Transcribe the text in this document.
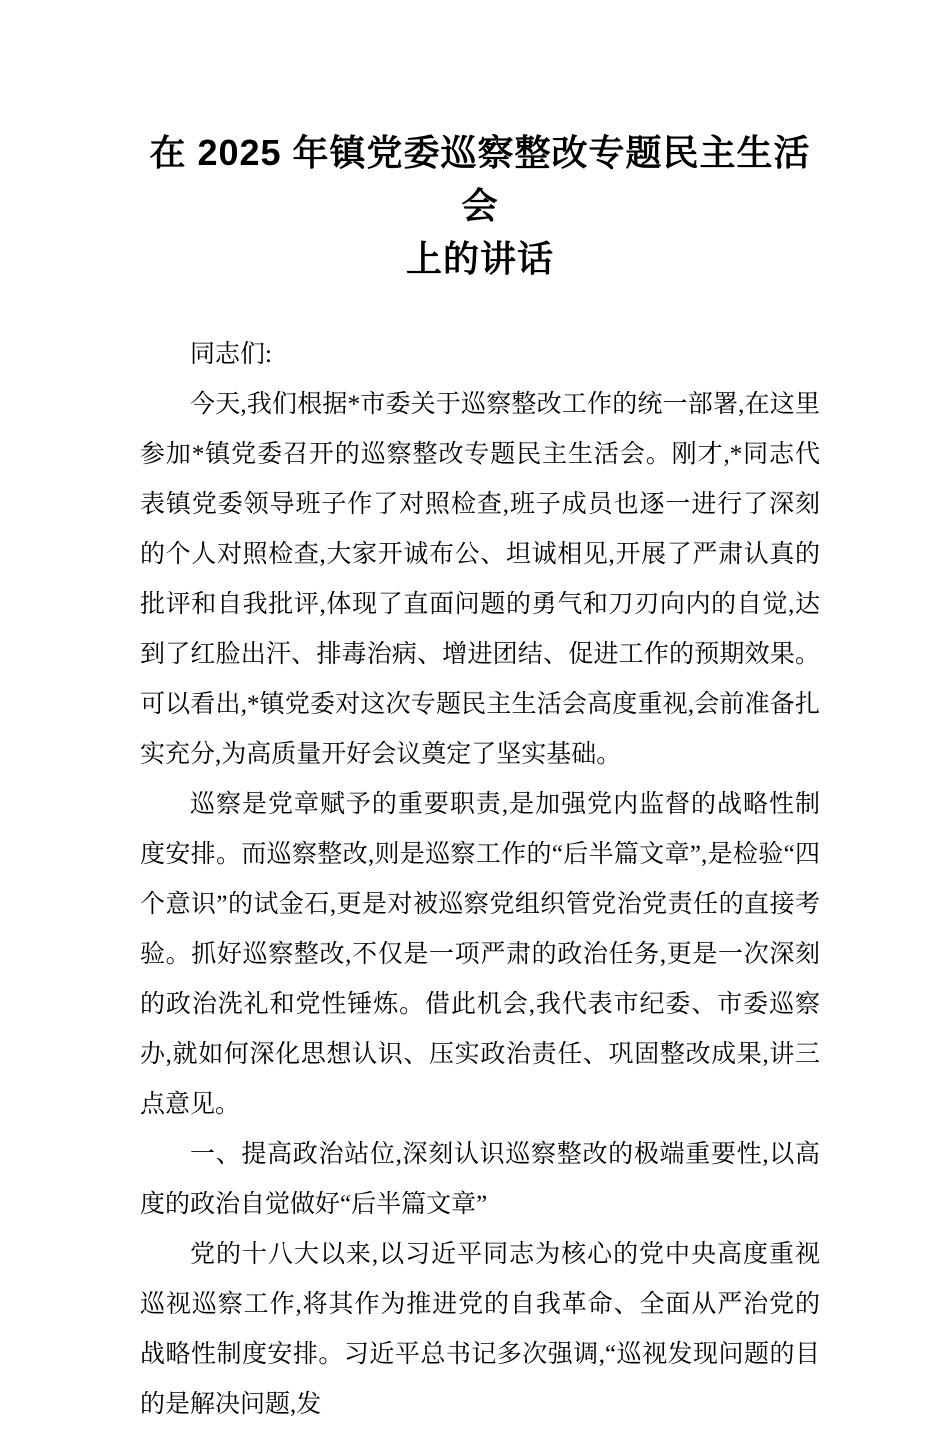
在 2025 年镇党委巡察整改专题民主生活会
上的讲话

同志们:

今天,我们根据*市委关于巡察整改工作的统一部署,在这里参加*镇党委召开的巡察整改专题民主生活会。刚才,*同志代表镇党委领导班子作了对照检查,班子成员也逐一进行了深刻的个人对照检查,大家开诚布公、坦诚相见,开展了严肃认真的批评和自我批评,体现了直面问题的勇气和刀刃向内的自觉,达到了红脸出汗、排毒治病、增进团结、促进工作的预期效果。可以看出,*镇党委对这次专题民主生活会高度重视,会前准备扎实充分,为高质量开好会议奠定了坚实基础。

巡察是党章赋予的重要职责,是加强党内监督的战略性制度安排。而巡察整改,则是巡察工作的“后半篇文章”,是检验“四个意识”的试金石,更是对被巡察党组织管党治党责任的直接考验。抓好巡察整改,不仅是一项严肃的政治任务,更是一次深刻的政治洗礼和党性锤炼。借此机会,我代表市纪委、市委巡察办,就如何深化思想认识、压实政治责任、巩固整改成果,讲三点意见。

一、提高政治站位,深刻认识巡察整改的极端重要性,以高度的政治自觉做好“后半篇文章”

党的十八大以来,以习近平同志为核心的党中央高度重视巡视巡察工作,将其作为推进党的自我革命、全面从严治党的战略性制度安排。习近平总书记多次强调,“巡视发现问题的目的是解决问题,发
